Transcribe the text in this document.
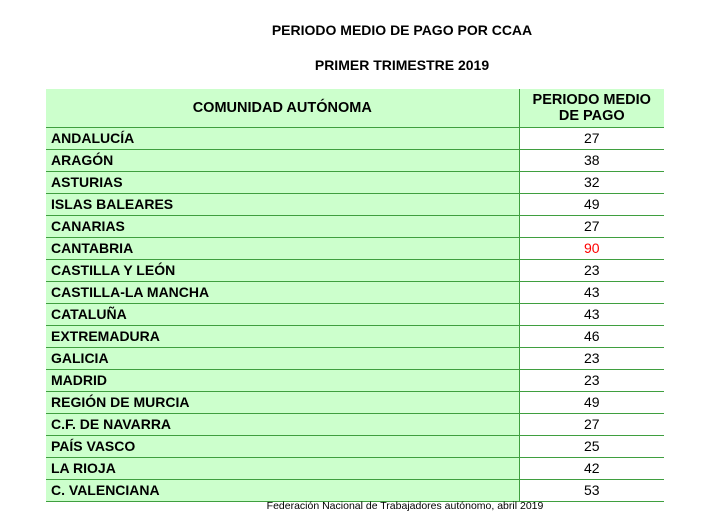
PERIODO MEDIO DE PAGO POR CCAA

PRIMER TRIMESTRE 2019

COMUNIDAD AUTÓNOMA	PERIODO MEDIO
DE PAGO
ANDALUCÍA	27
ARAGÓN	38
ASTURIAS	32
ISLAS BALEARES	49
CANARIAS	27
CANTABRIA	90
CASTILLA Y LEÓN	23
CASTILLA-LA MANCHA	43
CATALUÑA	43
EXTREMADURA	46
GALICIA	23
MADRID	23
REGIÓN DE MURCIA	49
C.F. DE NAVARRA	27
PAÍS VASCO	25
LA RIOJA	42
C. VALENCIANA	53

Federación Nacional de Trabajadores autónomo, abril 2019
